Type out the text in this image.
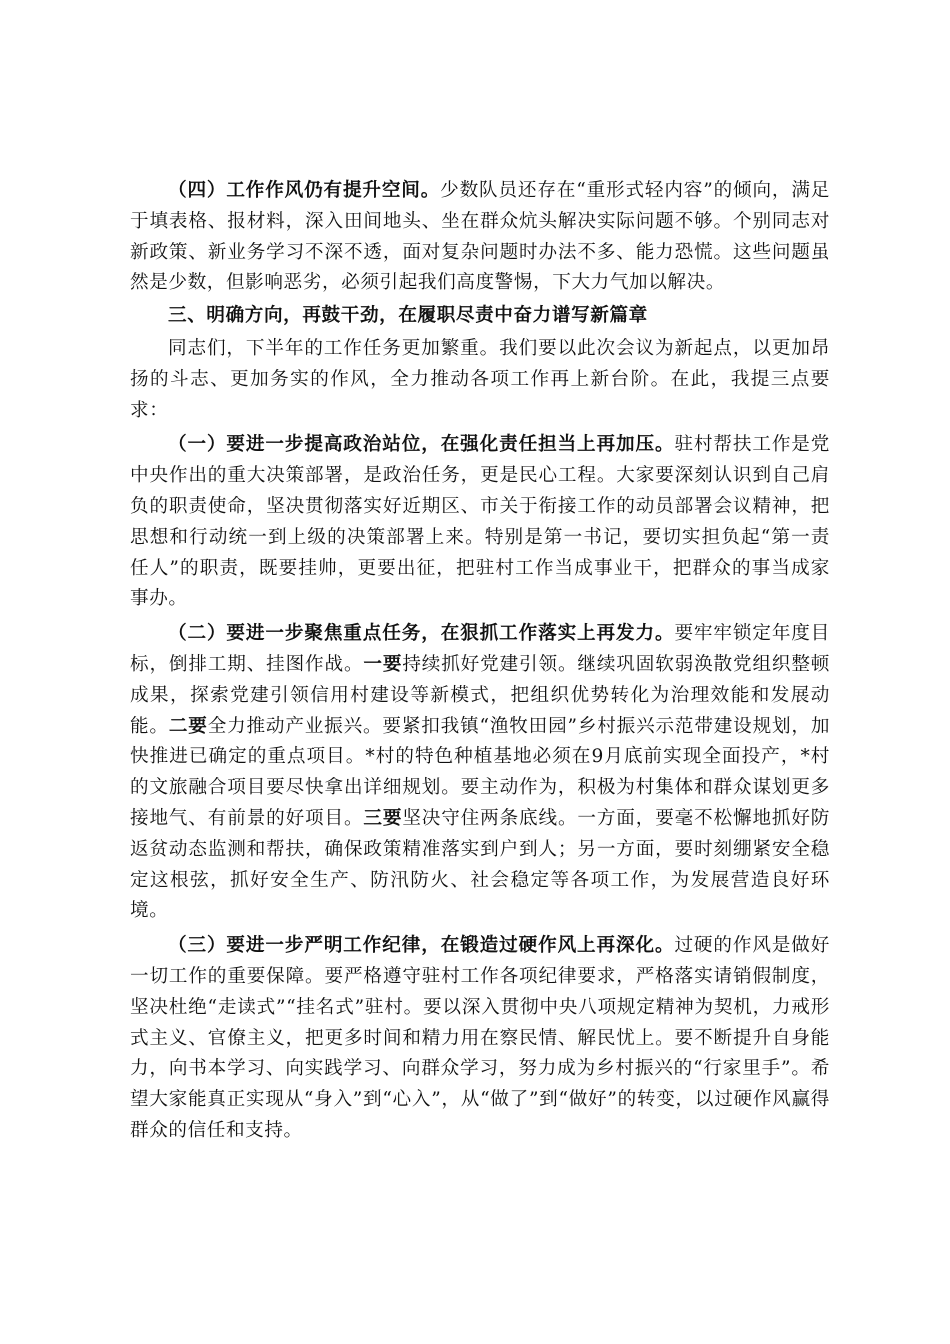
（四）工作作风仍有提升空间。少数队员还存在“重形式轻内容”的倾向，满足于填表格、报材料，深入田间地头、坐在群众炕头解决实际问题不够。个别同志对新政策、新业务学习不深不透，面对复杂问题时办法不多、能力恐慌。这些问题虽然是少数，但影响恶劣，必须引起我们高度警惕，下大力气加以解决。

三、明确方向，再鼓干劲，在履职尽责中奋力谱写新篇章

同志们，下半年的工作任务更加繁重。我们要以此次会议为新起点，以更加昂扬的斗志、更加务实的作风，全力推动各项工作再上新台阶。在此，我提三点要求：

（一）要进一步提高政治站位，在强化责任担当上再加压。驻村帮扶工作是党中央作出的重大决策部署，是政治任务，更是民心工程。大家要深刻认识到自己肩负的职责使命，坚决贯彻落实好近期区、市关于衔接工作的动员部署会议精神，把思想和行动统一到上级的决策部署上来。特别是第一书记，要切实担负起“第一责任人”的职责，既要挂帅，更要出征，把驻村工作当成事业干，把群众的事当成家事办。

（二）要进一步聚焦重点任务，在狠抓工作落实上再发力。要牢牢锁定年度目标，倒排工期、挂图作战。一要持续抓好党建引领。继续巩固软弱涣散党组织整顿成果，探索党建引领信用村建设等新模式，把组织优势转化为治理效能和发展动能。二要全力推动产业振兴。要紧扣我镇“渔牧田园”乡村振兴示范带建设规划，加快推进已确定的重点项目。*村的特色种植基地必须在9月底前实现全面投产，*村的文旅融合项目要尽快拿出详细规划。要主动作为，积极为村集体和群众谋划更多接地气、有前景的好项目。三要坚决守住两条底线。一方面，要毫不松懈地抓好防返贫动态监测和帮扶，确保政策精准落实到户到人；另一方面，要时刻绷紧安全稳定这根弦，抓好安全生产、防汛防火、社会稳定等各项工作，为发展营造良好环境。

（三）要进一步严明工作纪律，在锻造过硬作风上再深化。过硬的作风是做好一切工作的重要保障。要严格遵守驻村工作各项纪律要求，严格落实请销假制度，坚决杜绝“走读式”“挂名式”驻村。要以深入贯彻中央八项规定精神为契机，力戒形式主义、官僚主义，把更多时间和精力用在察民情、解民忧上。要不断提升自身能力，向书本学习、向实践学习、向群众学习，努力成为乡村振兴的“行家里手”。希望大家能真正实现从“身入”到“心入”，从“做了”到“做好”的转变，以过硬作风赢得群众的信任和支持。
